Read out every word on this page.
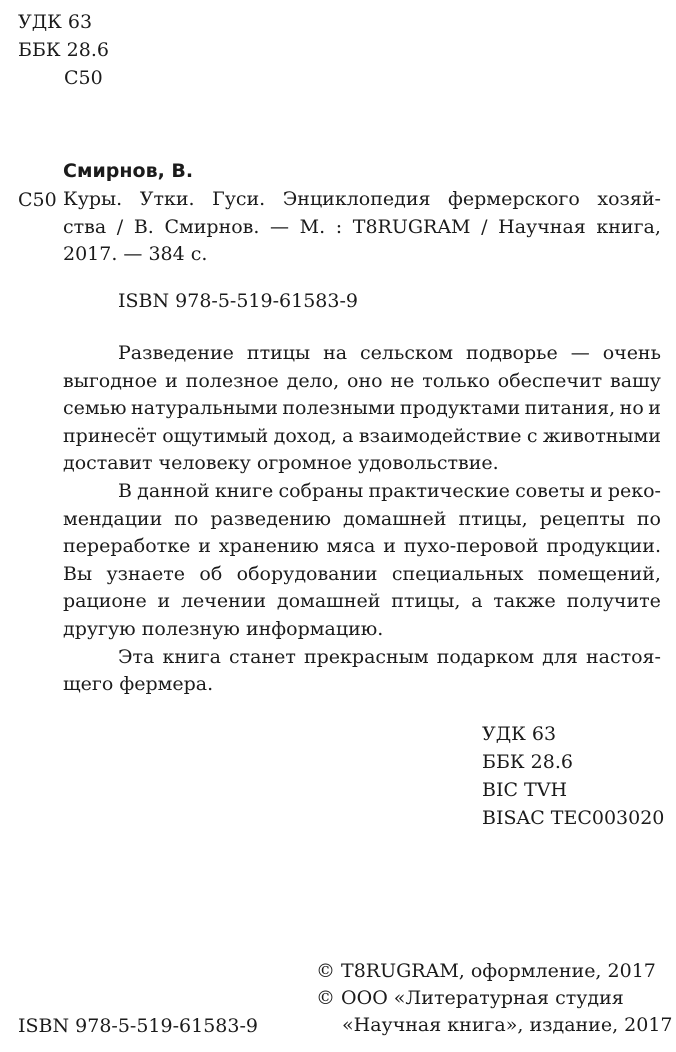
УДК 63
ББК 28.6
С50
Смирнов, В.
С50 Куры. Утки. Гуси. Энциклопедия фермерского хозяй-
ства / В. Смирнов. — М. : T8RUGRAM / Научная книга,
2017. — 384 с.
ISBN 978-5-519-61583-9
Разведение птицы на сельском подворье — очень
выгодное и полезное дело, оно не только обеспечит вашу
семью натуральными полезными продуктами питания, но и
принесёт ощутимый доход, а взаимодействие с животными
доставит человеку огромное удовольствие.
В данной книге собраны практические советы и реко-
мендации по разведению домашней птицы, рецепты по
переработке и хранению мяса и пухо-перовой продукции.
Вы узнаете об оборудовании специальных помещений,
рационе и лечении домашней птицы, а также получите
другую полезную информацию.
Эта книга станет прекрасным подарком для настоя-
щего фермера.
УДК 63
ББК 28.6
BIC TVH
BISAC TEC003020
© T8RUGRAM, оформление, 2017
© ООО «Литературная студия
«Научная книга», издание, 2017
ISBN 978-5-519-61583-9
